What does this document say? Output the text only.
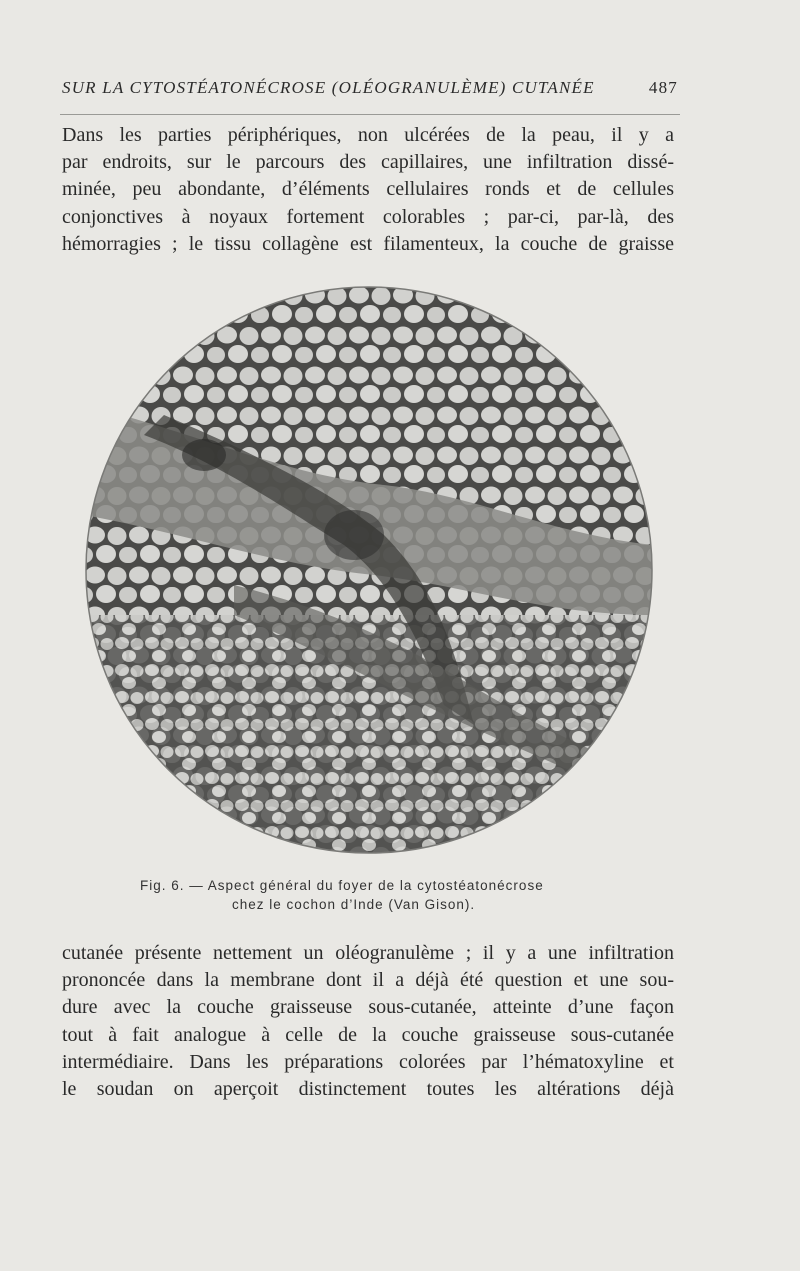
SUR LA CYTOSTÉATONÉCROSE (OLÉOGRANULÈME) CUTANÉE	487
Dans les parties périphériques, non ulcérées de la peau, il y a
par endroits, sur le parcours des capillaires, une infiltration dissé-
minée, peu abondante, d’éléments cellulaires ronds et de cellules
conjonctives à noyaux fortement colorables ; par-ci, par-là, des
hémorragies ; le tissu collagène est filamenteux, la couche de graisse
Fig. 6. — Aspect général du foyer de la cytostéatonécrose
chez le cochon d’Inde (Van Gison).
cutanée présente nettement un oléogranulème ; il y a une infiltration
prononcée dans la membrane dont il a déjà été question et une sou-
dure avec la couche graisseuse sous-cutanée, atteinte d’une façon
tout à fait analogue à celle de la couche graisseuse sous-cutanée
intermédiaire. Dans les préparations colorées par l’hématoxyline et
le soudan on aperçoit distinctement toutes les altérations déjà
